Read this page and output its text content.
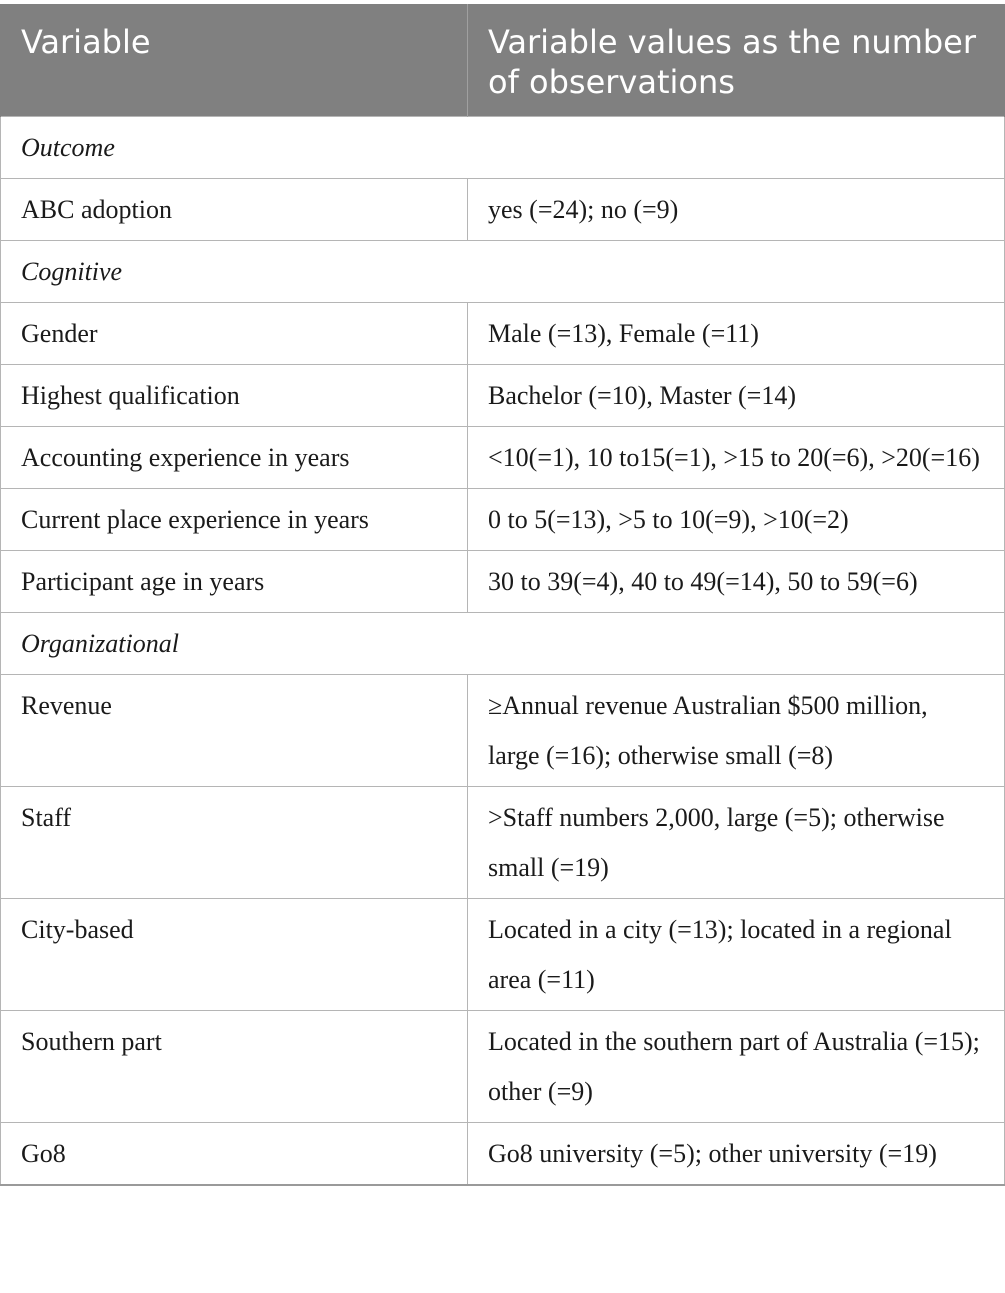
Variable	Variable values as the number of observations
Outcome	
ABC adoption	yes (=24); no (=9)
Cognitive	
Gender	Male (=13), Female (=11)
Highest qualification	Bachelor (=10), Master (=14)
Accounting experience in years	<10(=1), 10 to15(=1), >15 to 20(=6), >20(=16)
Current place experience in years	0 to 5(=13), >5 to 10(=9), >10(=2)
Participant age in years	30 to 39(=4), 40 to 49(=14), 50 to 59(=6)
Organizational	
Revenue	≥Annual revenue Australian $500 million, large (=16); otherwise small (=8)
Staff	>Staff numbers 2,000, large (=5); otherwise small (=19)
City-based	Located in a city (=13); located in a regional area (=11)
Southern part	Located in the southern part of Australia (=15); other (=9)
Go8	Go8 university (=5); other university (=19)
